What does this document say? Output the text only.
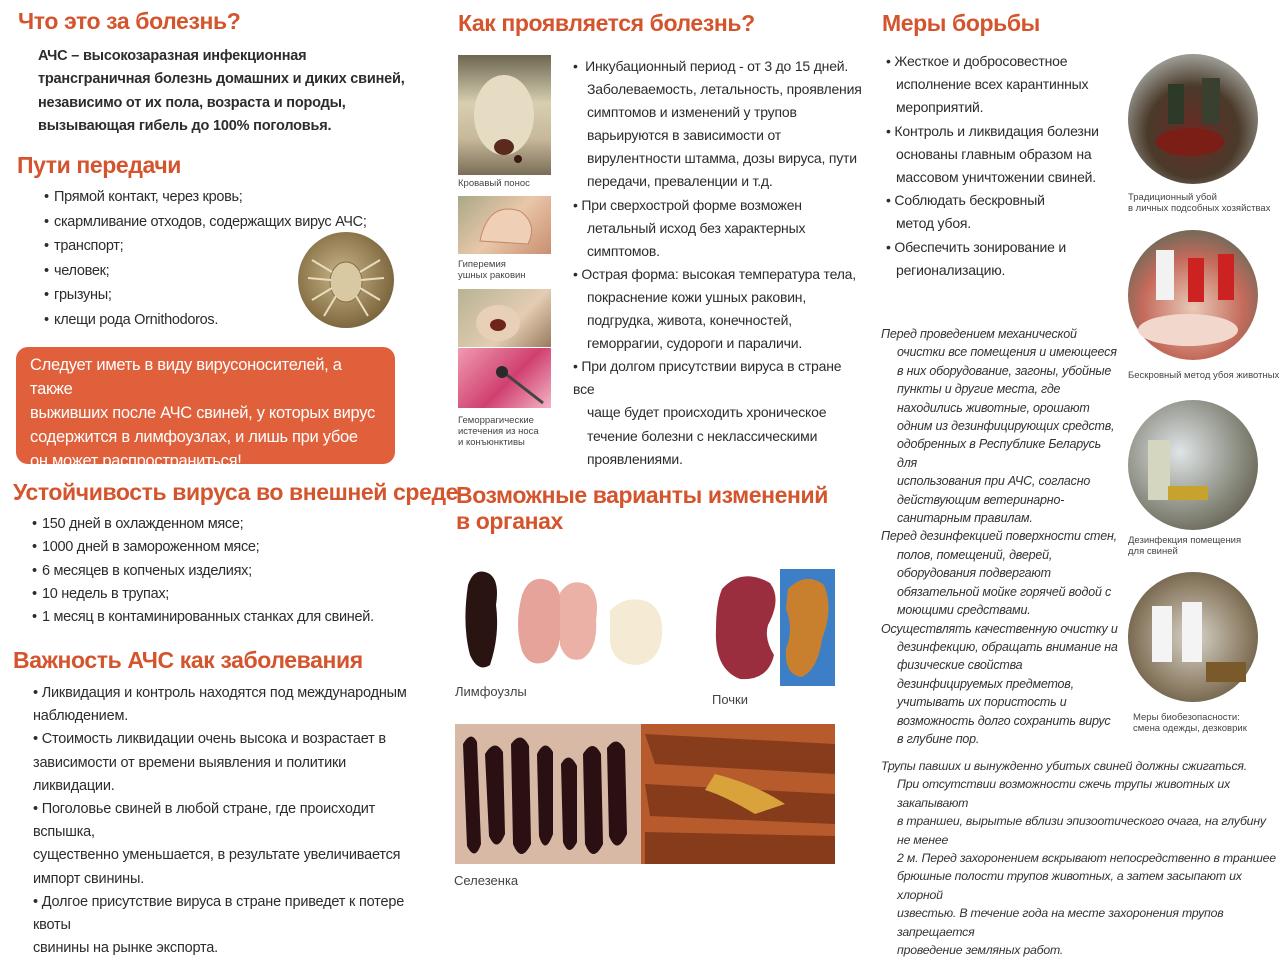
Что это за болезнь?
АЧС – высокозаразная инфекционная
трансграничная болезнь домашних и диких свиней,
независимо от их пола, возраста и породы,
вызывающая гибель до 100% поголовья.
Пути передачи
• Прямой контакт, через кровь;
• скармливание отходов, содержащих вирус АЧС;
• транспорт;
• человек;
• грызуны;
• клещи рода Ornithodoros.
Следует иметь в виду вирусоносителей, а также
выживших после АЧС свиней, у которых вирус
содержится в лимфоузлах, и лишь при убое
он может распространиться!
Устойчивость вируса во внешней среде
• 150 дней в охлажденном мясе;
• 1000 дней в замороженном мясе;
• 6 месяцев в копченых изделиях;
• 10 недель в трупах;
• 1 месяц в контаминированных станках для свиней.
Важность АЧС как заболевания
• Ликвидация и контроль находятся под международным
наблюдением.
• Стоимость ликвидации очень высока и возрастает в
зависимости от времени выявления и политики ликвидации.
• Поголовье свиней в любой стране, где происходит вспышка,
существенно уменьшается, в результате увеличивается
импорт свинины.
• Долгое присутствие вируса в стране приведет к потере квоты
свинины на рынке экспорта.
Как проявляется болезнь?
Кровавый понос
Гиперемия
ушных раковин
Геморрагические
истечения из носа
и конъюнктивы
•  Инкубационный период - от 3 до 15 дней.
Заболеваемость, летальность, проявления
симптомов и изменений у трупов
варьируются в зависимости от
вирулентности штамма, дозы вируса, пути
передачи, преваленции и т.д.
• При сверхострой форме возможен
летальный исход без характерных
симптомов.
• Острая форма: высокая температура тела,
покраснение кожи ушных раковин,
подгрудка, живота, конечностей,
геморрагии, судороги и параличи.
• При долгом присутствии вируса в стране все
чаще будет происходить хроническое
течение болезни с неклассическими
проявлениями.
Возможные варианты изменений
в органах
Лимфоузлы
Почки
Селезенка
Меры борьбы
• Жесткое и добросовестное
исполнение всех карантинных
мероприятий.
• Контроль и ликвидация болезни
основаны главным образом на
массовом уничтожении свиней.
• Соблюдать бескровный
метод убоя.
• Обеспечить зонирование и
регионализацию.
Перед проведением механической
очистки все помещения и имеющееся
в них оборудование, загоны, убойные
пункты и другие места, где
находились животные, орошают
одним из дезинфицирующих средств,
одобренных в Республике Беларусь для
использования при АЧС, согласно
действующим ветеринарно-
санитарным правилам.
Перед дезинфекцией поверхности стен,
полов, помещений, дверей,
оборудования подвергают
обязательной мойке горячей водой с
моющими средствами.
Осуществлять качественную очистку и
дезинфекцию, обращать внимание на
физические свойства
дезинфицируемых предметов,
учитывать их пористость и
возможность долго сохранить вирус
в глубине пор.
Трупы павших и вынужденно убитых свиней должны сжигаться.
При отсутствии возможности сжечь трупы животных их закапывают
в траншеи, вырытые вблизи эпизоотического очага, на глубину не менее
2 м. Перед захоронением вскрывают непосредственно в траншее
брюшные полости трупов животных, а затем засыпают их хлорной
известью. В течение года на месте захоронения трупов запрещается
проведение земляных работ.
Традиционный убой
в личных подсобных хозяйствах
Бескровный метод убоя животных
Дезинфекция помещения
для свиней
Меры биобезопасности:
смена одежды, дезковрик
